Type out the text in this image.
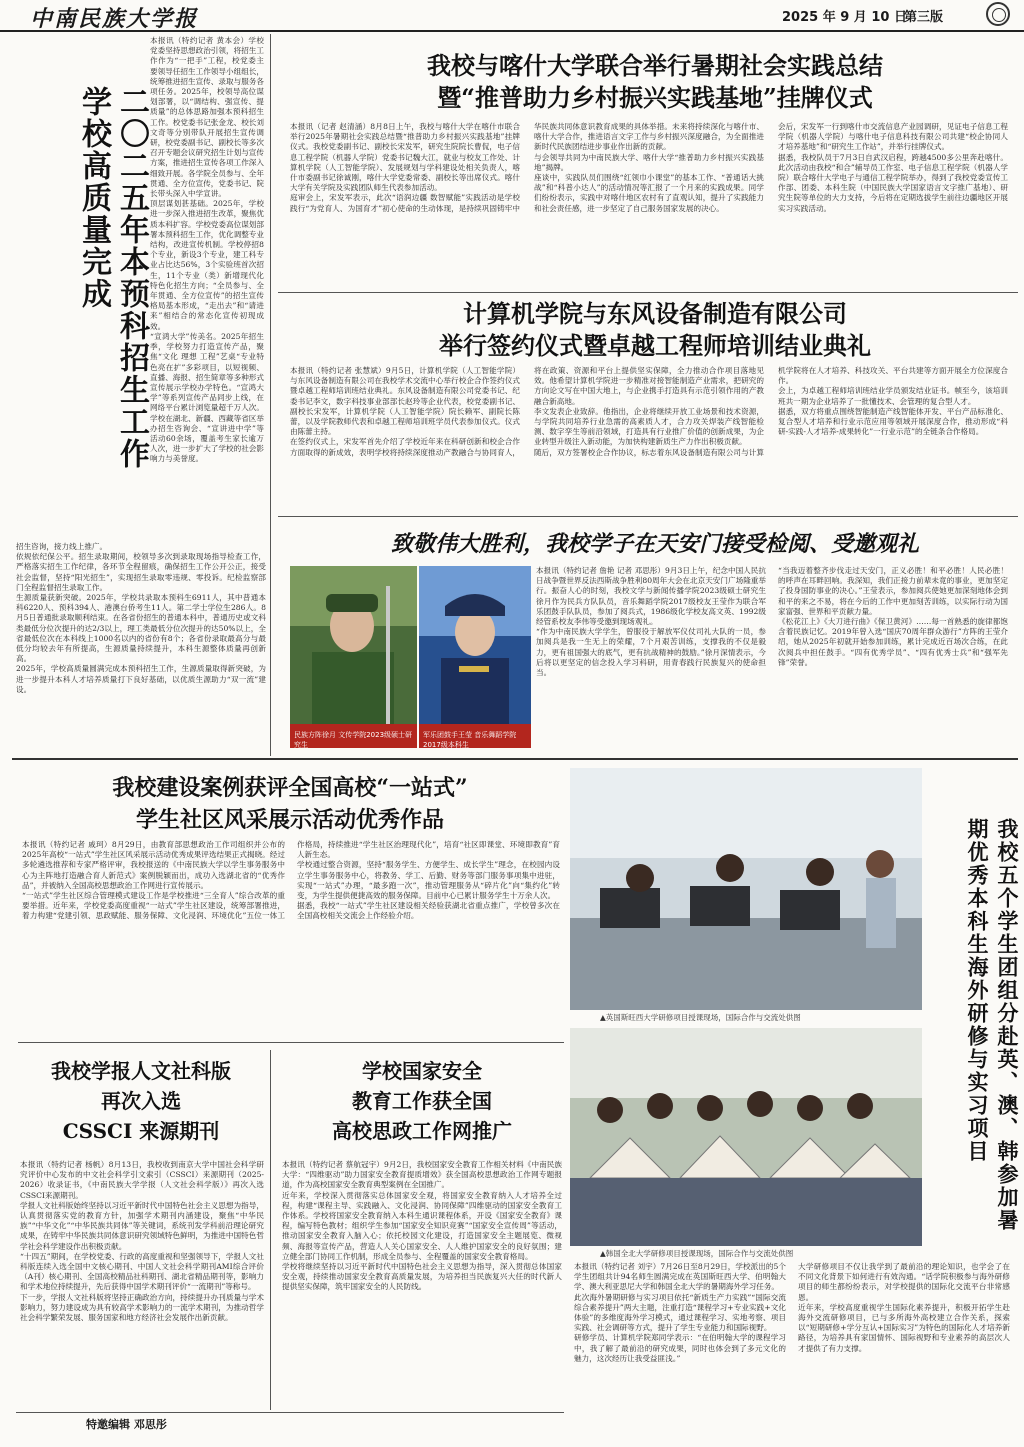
中南民族大学报	2025 年 9 月 10 日
第三版
二〇二五年本预科招生工作
学校高质量完成
本报讯（特约记者 黄本会）学校党委坚持思想政治引领，将招生工作作为“一把手”工程，校党委主要领导任招生工作领导小组组长，统筹推进招生宣传、录取与服务各项任务。2025年，校领导高位谋划部署，以“调结构、强宣传、提质量”的总体思路加强本预科招生工作。校党委书记张金龙、校长刘文奇等分别带队开展招生宣传调研，校党委副书记、副校长等多次召开专题会议研究招生计划与宣传方案，推进招生宣传各项工作深入细致开展。各学院全员参与、全年贯通、全方位宣传，党委书记、院长带头深入中学宣讲。
顶层谋划甚基础。2025年，学校进一步深入推进招生改革，聚焦优质本科扩容。学校党委高位谋划部署本预科招生工作，优化调整专业结构，改进宣传机制。学校停招8个专业，新设3个专业，建工科专业占比达56%，3个实验班首次招生，11个专业（类）新增现代化特色化招生方向；“全员参与、全年贯通、全方位宣传”的招生宣传格局基本形成，“走出去”和“请进来”相结合的常态化宣传初现成效。
“宣鸿大学”传美名。2025年招生季，学校努力打造宣传产品，聚焦“文化 理想 工程”艺桌“专业特色亮在扩”多彩项目，以短视频、直播、海报、招生简章等多种形式宣传展示学校办学特色。“宣鸿大学”等系列宣传产品同步上线，在网络平台累计浏览量超千万人次。学校在湖北、新疆、西藏等省区举办招生咨询会、“宣讲进中学”等活动60余场，覆盖考生家长逾万人次，进一步扩大了学校的社会影响力与美誉度。
招生咨询，接力线上推广。
依规依纪保公平。招生录取期间，校领导多次到录取现场指导检查工作，严格落实招生工作纪律，各环节全程留痕，确保招生工作公开公正，接受社会监督，坚持“阳光招生”，实现招生录取零违规、零投诉。纪检监察部门全程监督招生录取工作。
生源质量获新突破。2025年，学校共录取本预科生6911人，其中普通本科6220人、预科394人、港澳台侨考生11人。第二学士学位生286人。8月5日普通批录取顺利结束。在各省份招生的普通本科中，普通历史或文科类最低分位次提升的达2/3以上，理工类最低分位次提升的达50%以上，全省最低位次在本科线上1000名以内的省份有8个；各省份录取最高分与最低分均较去年有所提高，生源质量持续提升，本科生源整体质量再创新高。
2025年，学校高质量圆满完成本预科招生工作，生源质量取得新突破，为进一步提升本科人才培养质量打下良好基础，以优质生源助力“双一流”建设。
我校与喀什大学联合举行暑期社会实践总结
暨“推普助力乡村振兴实践基地”挂牌仪式
本报讯（记者 赵清涵）8月8日上午，我校与喀什大学在喀什市联合举行2025年暑期社会实践总结暨“推普助力乡村振兴实践基地”挂牌仪式。我校党委副书记、副校长宋发军，研究生院院长曹侃，电子信息工程学院（机器人学院）党委书记魏大江，就业与校友工作处、计算机学院（人工智能学院）、发展规划与学科建设处相关负责人，喀什市委副书记徐诚刚，喀什大学党委常委、副校长等出席仪式。喀什大学有关学院及实践团队师生代表参加活动。
庭审会上，宋发军表示，此次“语润边疆 数智赋能”实践活动是学校践行“为党育人、为国育才”初心使命的生动体现，是持续巩固铸牢中华民族共同体意识教育成果的具体举措。未来将持续深化与喀什市、喀什大学合作，推进语言文字工作与乡村振兴深度融合，为全面推进新时代民族团结进步事业作出新的贡献。
与会领导共同为中南民族大学、喀什大学“推普助力乡村振兴实践基地”揭牌。
座谈中，实践队员们围绕“红领巾小课堂”的基本工作、“普通话大挑战”和“科普小达人”的活动情况等汇报了一个月来的实践成果。同学们纷纷表示，实践中对喀什地区农村有了直观认知，提升了实践能力和社会责任感，进一步坚定了自己服务国家发展的决心。
会后，宋发军一行到喀什市交流信息产业园调研，见证电子信息工程学院（机器人学院）与喀什电子信息科技有限公司共建“校企协同人才培养基地”和“研究生工作站”，并举行挂牌仪式。
据悉，我校队员于7月3日自武汉启程，跨越4500多公里奔赴喀什。此次活动由我校“和合”辅导员工作室、电子信息工程学院（机器人学院）联合喀什大学电子与通信工程学院举办，得到了我校党委宣传工作部、团委、本科生院（中国民族大学国家语言文字推广基地）、研究生院等单位的大力支持，今后将在定期选拔学生前往边疆地区开展实习实践活动。
计算机学院与东风设备制造有限公司
举行签约仪式暨卓越工程师培训结业典礼
本报讯（特约记者 张慧斌）9月5日，计算机学院（人工智能学院）与东风设备制造有限公司在我校学术交流中心举行校企合作签约仪式暨卓越工程师培训班结业典礼。东风设备制造有限公司党委书记、纪委书记李文，数字科技事业部部长赵玲等企业代表，校党委副书记、副校长宋发军，计算机学院（人工智能学院）院长赖军、副院长陈蕾，以及学院教师代表和卓越工程师培训班学员代表参加仪式。仪式由陈蕾主持。
在签约仪式上，宋发军首先介绍了学校近年来在科研创新和校企合作方面取得的新成效，表明学校将持续深度推动产教融合与协同育人，将在政策、资源和平台上提供坚实保障，全力推动合作项目落地见效。他希望计算机学院进一步精准对接智能制造产业需求，把研究的方向论文写在中国大地上，与企业携手打造具有示范引领作用的产教融合新高地。
李文发表企业致辞。他指出，企业将继续开放工业场景和技术资源，与学院共同培养行业急需的高素质人才，合力攻关焊装产线智能检测、数字孪生等前沿领域，打造具有行业推广价值的创新成果，为企业转型升级注入新动能，为加快构建新质生产力作出积极贡献。
随后，双方签署校企合作协议，标志着东风设备制造有限公司与计算机学院将在人才培养、科技攻关、平台共建等方面开展全方位深度合作。
会上，为卓越工程师培训班结业学员颁发结业证书。帧至今，该培训班共一期为企业培养了一批懂技术、会管理的复合型人才。
据悉，双方将重点围绕智能制造产线智能体开发、平台产品标准化、复合型人才培养和行业示范应用等领域开展深度合作，推动形成“科研-实践-人才培养-成果转化”一行业示范”的全链条合作格局。
致敬伟大胜利，我校学子在天安门接受检阅、受邀观礼
民族方阵徐月 文传学院2023级硕士研究生
军乐团鼓手王莹 音乐舞蹈学院2017级本科生
本报讯（特约记者 詹艳 记者 邓思彤）9月3日上午，纪念中国人民抗日战争暨世界反法西斯战争胜利80周年大会在北京天安门广场隆重举行。振奋人心的时刻，我校文学与新闻传播学院2023级硕士研究生徐月作为民兵方队队员，音乐舞蹈学院2017级校友王莹作为联合军乐团鼓手队队员，参加了阅兵式，1986级化学校友高文英、1992级经管系校友李伟等受邀到现场观礼。
“作为中南民族大学学生，曾服役于解放军仪仗司礼大队的一员，参加阅兵是我一生无上的荣耀，7个月艰苦训练，支撑我的不仅是毅力，更有祖国强大的底气，更有抗战精神的鼓励。”徐月深情表示，今后将以更坚定的信念投入学习科研，用青春践行民族复兴的使命担当。
“当我迈着整齐步伐走过天安门，正义必胜！和平必胜！人民必胜！的呼声在耳畔回响。我深知，我们正接力前辈未竟的事业，更加坚定了投身国防事业的决心。”王莹表示，参加阅兵使她更加深刻地体会到和平的来之不易，将在今后的工作中更加刻苦训练，以实际行动为国家富强、世界和平贡献力量。
《松花江上》《大刀进行曲》《保卫黄河》……每一首熟悉的旋律都饱含着民族记忆。2019年曾入选“国庆70周年群众游行”方阵的王莹介绍，她从2025年初就开始参加训练，累计完成近百场次合练，在此次阅兵中担任鼓手。“四有优秀学员”、“四有优秀士兵”和“强军先锋”荣誉。
我校建设案例获评全国高校“一站式”
学生社区风采展示活动优秀作品
本报讯（特约记者 戚珂）8月29日，由教育部思想政治工作司组织并公布的2025年高校“一站式”学生社区风采展示活动优秀成果评选结果正式揭晓。经过多轮遴选推荐和专家严格评审，我校报送的《中南民族大学以学生事务服务中心为主阵地打造融合育人新范式》案例脱颖而出，成功入选湖北省的“优秀作品”，并被纳入全国高校思想政治工作网进行宣传展示。
“一站式”学生社区综合管理模式建设工作是学校推进“三全育人”综合改革的重要举措。近年来，学校党委高度重视“一站式”学生社区建设，统筹部署推进，着力构建“党建引领、思政赋能、服务保障、文化浸润、环境优化”五位一体工作格局，持续推进“学生社区治理现代化”，培育“社区即课堂、环境即教育”育人新生态。
学校通过整合资源，坚持“服务学生、方便学生、成长学生”理念，在校园内设立学生事务服务中心，将教务、学工、后勤、财务等部门服务事项集中进驻，实现“一站式”办理，“最多跑一次”，推动管理服务从“碎片化”向“集约化”转变，为学生提供便捷高效的服务保障。目前中心已累计服务学生十万余人次。
据悉，我校“一站式”学生社区建设相关经验获湖北省重点推广，学校曾多次在全国高校相关交流会上作经验介绍。
▲英国斯旺西大学研修项目授课现场，国际合作与交流处供图
▲韩国全北大学研修项目授课现场，国际合作与交流处供图
我校五个学生团组分赴英、澳、韩参加暑期优秀本科生海外研修与实习项目
本报讯（特约记者 刘宇）7月26日至8月29日，学校派出的5个学生团组共计94名师生圆满完成在英国斯旺西大学、伯明翰大学、澳大利亚思尼大学和韩国全北大学的暑期海外学习任务。
此次海外暑期研修与实习项目依托“新质生产力实践”“国际交流综合素养提升”两大主题，注重打造“课程学习+专业实践+文化体验”的多维度海外学习模式，通过课程学习、实地考察、项目实践、社会调研等方式，提升了学生专业能力和国际视野。
研修学员、计算机学院郑同学表示：“在伯明翰大学的课程学习中，我了解了最前沿的研究成果，同时也体会到了多元文化的魅力，这次经历让我受益匪浅。”
大学研修项目不仅让我学到了最前沿的理论知识，也学会了在不同文化背景下如何进行有效沟通。“话学院积极参与海外研修项目的师生都纷纷表示，对学校提供的国际化交流平台非常感恩。
近年来，学校高度重视学生国际化素养提升，积极开拓学生赴海外交流研修项目，已与多所海外高校建立合作关系，探索以“短期研修+学分互认+国际实习”为特色的国际化人才培养新路径，为培养具有家国情怀、国际视野和专业素养的高层次人才提供了有力支撑。
我校学报人文社科版
再次入选
CSSCI 来源期刊
本报讯（特约记者 杨帆）8月13日，我校收到南京大学中国社会科学研究评价中心发布的中文社会科学引文索引（CSSCI）来源期刊（2025-2026）收录证书，《中南民族大学学报（人文社会科学版）》再次入选CSSCI来源期刊。
学报人文社科版始终坚持以习近平新时代中国特色社会主义思想为指导，认真贯彻落实党的教育方针，加强学术期刊内涵建设，聚焦“中华民族”“中华文化”“中华民族共同体”等关键词，系统刊发学科前沿理论研究成果，在铸牢中华民族共同体意识研究领域特色鲜明，为推进中国特色哲学社会科学建设作出积极贡献。
“十四五”期间，在学校党委、行政的高度重视和坚强领导下，学报人文社科版连续入选全国中文核心期刊、中国人文社会科学期刊AMI综合评价（A刊）核心期刊、全国高校精品社科期刊、湖北省精品期刊等，影响力和学术地位持续提升，先后获得中国学术期刊评价“一流期刊”等称号。
下一步，学报人文社科版将坚持正确政治方向，持续提升办刊质量与学术影响力，努力建设成为具有较高学术影响力的一流学术期刊，为推动哲学社会科学繁荣发展、服务国家和地方经济社会发展作出新贡献。
学校国家安全
教育工作获全国
高校思政工作网推广
本报讯（特约记者 蔡航冠宇）9月2日，我校国家安全教育工作相关材料《中南民族大学：“四维驱动”助力国家安全教育提质增效》获全国高校思想政治工作网专题报道，作为高校国家安全教育典型案例在全国推广。
近年来，学校深入贯彻落实总体国家安全观，将国家安全教育纳入人才培养全过程，构建“课程主导、实践融入、文化浸润、协同保障”四维驱动的国家安全教育工作体系。学校将国家安全教育纳入本科生通识课程体系，开设《国家安全教育》课程，编写特色教材；组织学生参加“国家安全知识竞赛”“国家安全宣传周”等活动，推动国家安全教育入脑入心；依托校园文化建设，打造国家安全主题展览、微视频、海报等宣传产品，营造人人关心国家安全、人人维护国家安全的良好氛围；建立健全部门协同工作机制，形成全员参与、全程覆盖的国家安全教育格局。
学校将继续坚持以习近平新时代中国特色社会主义思想为指导，深入贯彻总体国家安全观，持续推动国家安全教育高质量发展，为培养担当民族复兴大任的时代新人提供坚实保障，筑牢国家安全的人民防线。
特邀编辑 邓思彤
